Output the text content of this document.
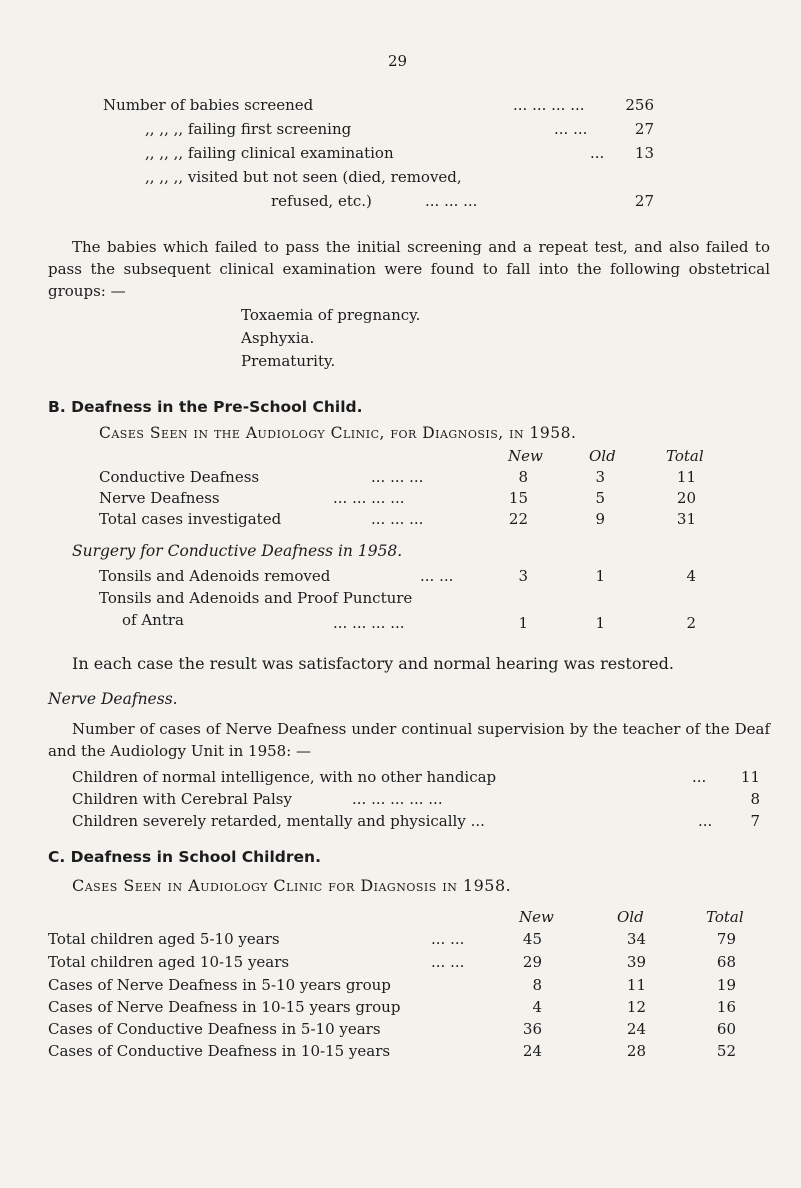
29
Number of babies screened	... ... ... ...	256
,, ,, ,, failing first screening	... ...	27
,, ,, ,, failing clinical examination	...	13
,, ,, ,, visited but not seen (died, removed,
refused, etc.)	... ... ...	27
The babies which failed to pass the initial screening and a repeat test, and also failed to pass the subsequent clinical examination were found to fall into the following obstetrical groups: —
Toxaemia of pregnancy.
Asphyxia.
Prematurity.
B. Deafness in the Pre-School Child.
Cases Seen in the Audiology Clinic, for Diagnosis, in 1958.
New	Old	Total
Conductive Deafness	... ... ...	8	3	11
Nerve Deafness	... ... ... ...	15	5	20
Total cases investigated	... ... ...	22	9	31
Surgery for Conductive Deafness in 1958.
Tonsils and Adenoids removed	... ...	3	1	4
Tonsils and Adenoids and Proof Puncture
of Antra	... ... ... ...	1	1	2
In each case the result was satisfactory and normal hearing was restored.
Nerve Deafness.
Number of cases of Nerve Deafness under continual supervision by the teacher of the Deaf and the Audiology Unit in 1958: —
Children of normal intelligence, with no other handicap	...	11
Children with Cerebral Palsy	... ... ... ... ...	8
Children severely retarded, mentally and physically ...	...	7
C. Deafness in School Children.
Cases Seen in Audiology Clinic for Diagnosis in 1958.
New	Old	Total
Total children aged 5-10 years	... ...	45	34	79
Total children aged 10-15 years	... ...	29	39	68
Cases of Nerve Deafness in 5-10 years group	8	11	19
Cases of Nerve Deafness in 10-15 years group	4	12	16
Cases of Conductive Deafness in 5-10 years	36	24	60
Cases of Conductive Deafness in 10-15 years	24	28	52
